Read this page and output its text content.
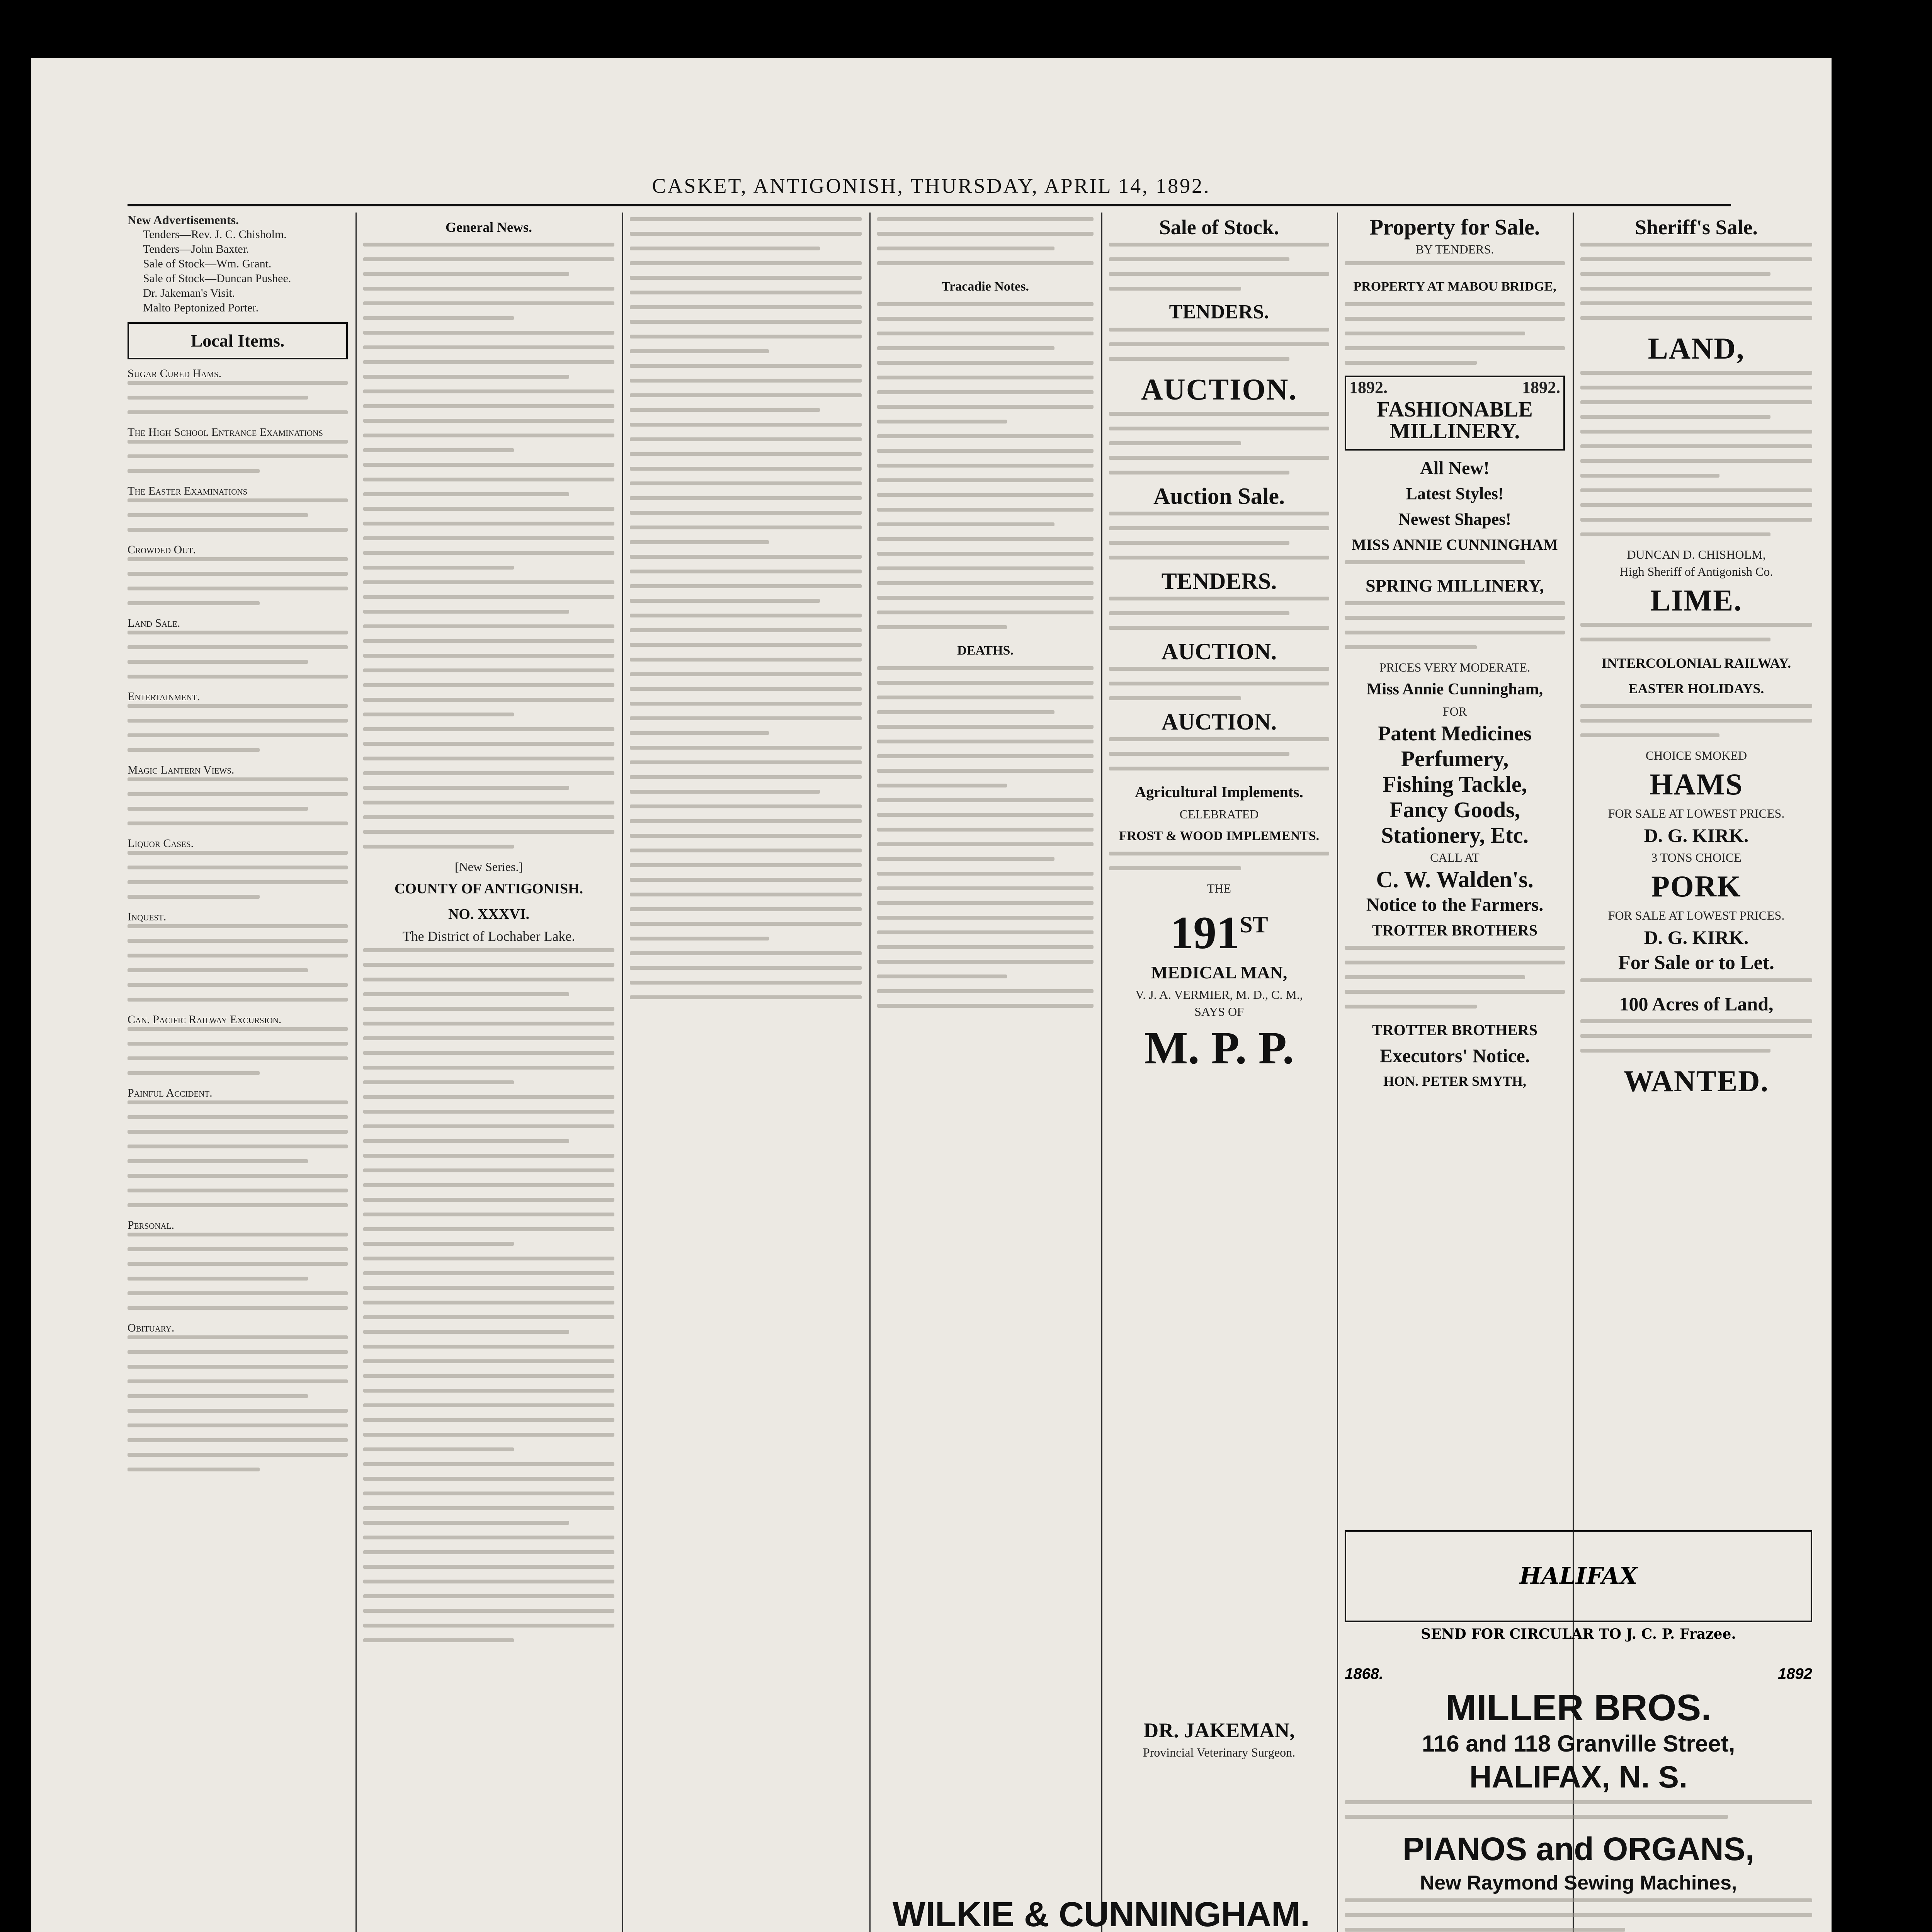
CASKET, ANTIGONISH, THURSDAY, APRIL 14, 1892.
New Advertisements.
Tenders—Rev. J. C. Chisholm.
Tenders—John Baxter.
Sale of Stock—Wm. Grant.
Sale of Stock—Duncan Pushee.
Dr. Jakeman's Visit.
Malto Peptonized Porter.
Local Items.
Sugar Cured Hams.
The High School Entrance Examinations
The Easter Examinations
Crowded Out.
Land Sale.
Entertainment.
Magic Lantern Views.
Liquor Cases.
Inquest.
Can. Pacific Railway Excursion.
Painful Accident.
Personal.
Obituary.
General News.
[New Series.]
COUNTY OF ANTIGONISH.
NO. XXXVI.
The District of Lochaber Lake.
Tracadie Notes.
DEATHS.
Sale of Stock.
TENDERS.
AUCTION.
Auction Sale.
TENDERS.
AUCTION.
AUCTION.
Agricultural Implements.
CELEBRATED
FROST & WOOD IMPLEMENTS.
THE
191ST
MEDICAL MAN,
V. J. A. VERMIER, M. D., C. M.,
SAYS OF
M. P. P.
DR. JAKEMAN,
Provincial Veterinary Surgeon.
Property for Sale.
BY TENDERS.
PROPERTY AT MABOU BRIDGE,
1892.	1892.
FASHIONABLE MILLINERY.
All New!
Latest Styles!
Newest Shapes!
MISS ANNIE CUNNINGHAM
SPRING MILLINERY,
PRICES VERY MODERATE.
Miss Annie Cunningham,
FOR
Patent Medicines
Perfumery,
Fishing Tackle,
Fancy Goods,
Stationery, Etc.
CALL AT
C. W. Walden's.
Notice to the Farmers.
TROTTER BROTHERS
TROTTER BROTHERS
Executors' Notice.
HON. PETER SMYTH,
Sheriff's Sale.
LAND,
DUNCAN D. CHISHOLM,
High Sheriff of Antigonish Co.
LIME.
INTERCOLONIAL RAILWAY.
EASTER HOLIDAYS.
CHOICE SMOKED
HAMS
FOR SALE AT LOWEST PRICES.
D. G. KIRK.
3 TONS CHOICE
PORK
FOR SALE AT LOWEST PRICES.
D. G. KIRK.
For Sale or to Let.
100 Acres of Land,
WANTED.
HALIFAX
SEND FOR CIRCULAR TO J. C. P. Frazee.
1868.	1892
MILLER BROS.
116 and 118 Granville Street,
HALIFAX, N. S.
PIANOS and ORGANS,
New Raymond Sewing Machines,
WILKIE & CUNNINGHAM.
